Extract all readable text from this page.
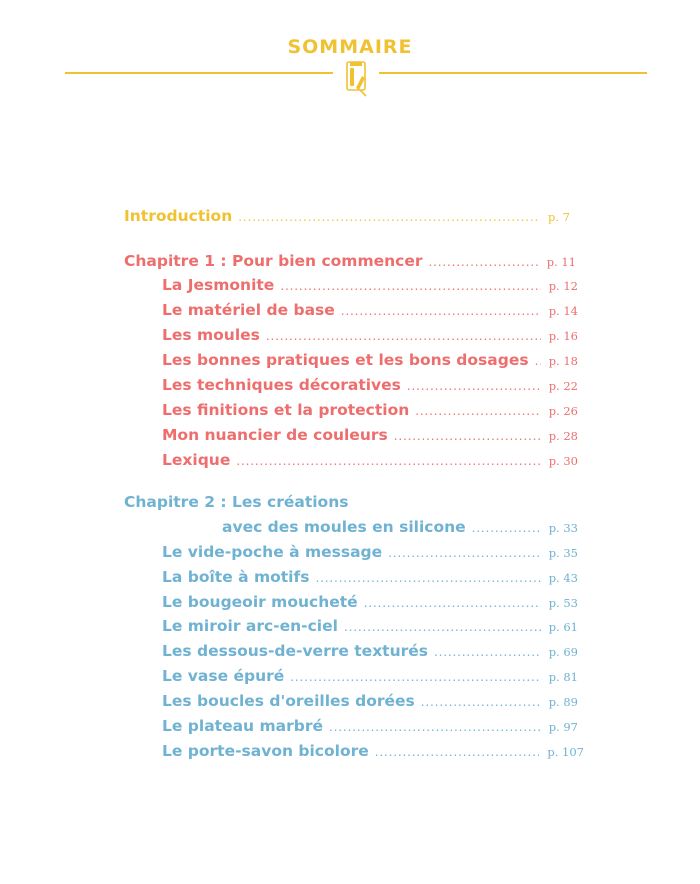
SOMMAIRE
Introduction . . .	p. 7
Chapitre 1 : Pour bien commencer . . .	p. 11
La Jesmonite . . .	p. 12
Le matériel de base . . .	p. 14
Les moules . . .	p. 16
Les bonnes pratiques et les bons dosages . . . p. 18
Les techniques décoratives . . .	p. 22
Les finitions et la protection . . .	p. 26
Mon nuancier de couleurs . . .	p. 28
Lexique . . .	p. 30
Chapitre 2 : Les créations
avec des moules en silicone . . .	p. 33
Le vide-poche à message . . .	p. 35
La boîte à motifs . . .	p. 43
Le bougeoir moucheté . . .	p. 53
Le miroir arc-en-ciel . . .	p. 61
Les dessous-de-verre texturés . . .	p. 69
Le vase épuré . . .	p. 81
Les boucles d'oreilles dorées . . .	p. 89
Le plateau marbré . . .	p. 97
Le porte-savon bicolore . . .	p. 107
